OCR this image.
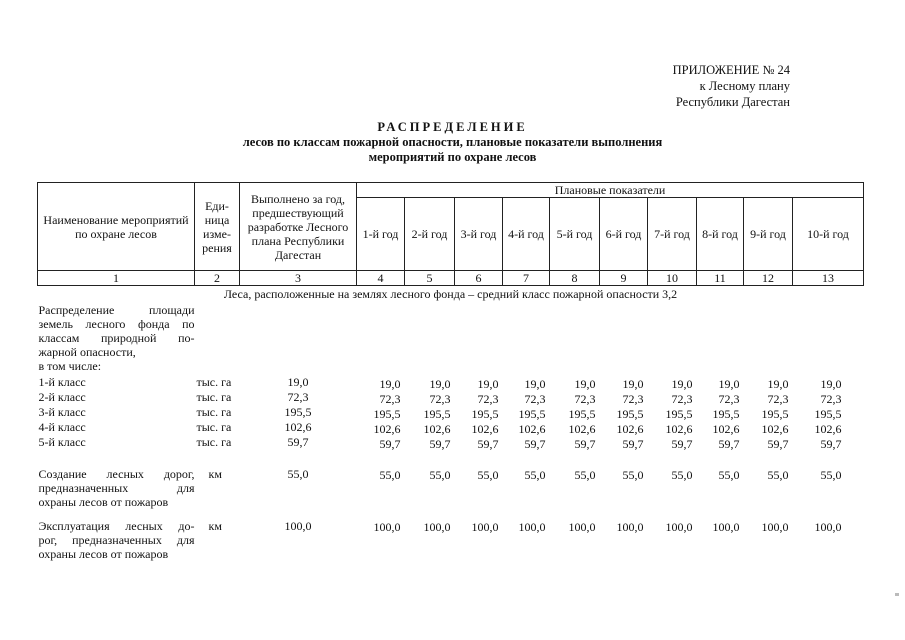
ПРИЛОЖЕНИЕ № 24
к Лесному плану
Республики Дагестан
РАСПРЕДЕЛЕНИЕ
лесов по классам пожарной опасности, плановые показатели выполнения
мероприятий по охране лесов
Наименование мероприятий по охране лесов	Еди-ница изме-рения	Выполнено за год, предшествующий разработке Лесного плана Республики Дагестан	Плановые показатели									
			1-й год	2-й год	3-й год	4-й год	5-й год	6-й год	7-й год	8-й год	9-й год	10-й год
1	2	3	4	5	6	7	8	9	10	11	12	13
Леса, расположенные на землях лесного фонда – средний класс пожарной опасности 3,2												

Распределение площади
земель лесного фонда по
классам природной по-
жарной опасности,
в том числе:												

1-й класс	тыс. га	19,0	19,0	19,0	19,0	19,0	19,0	19,0	19,0	19,0	19,0	19,0
2-й класс	тыс. га	72,3	72,3	72,3	72,3	72,3	72,3	72,3	72,3	72,3	72,3	72,3
3-й класс	тыс. га	195,5	195,5	195,5	195,5	195,5	195,5	195,5	195,5	195,5	195,5	195,5
4-й класс	тыс. га	102,6	102,6	102,6	102,6	102,6	102,6	102,6	102,6	102,6	102,6	102,6
5-й класс	тыс. га	59,7	59,7	59,7	59,7	59,7	59,7	59,7	59,7	59,7	59,7	59,7

Создание лесных дорог,
предназначенных для
охраны лесов от пожаров	км	55,0	55,0	55,0	55,0	55,0	55,0	55,0	55,0	55,0	55,0	55,0

Эксплуатация лесных до-
рог, предназначенных для
охраны лесов от пожаров	км	100,0	100,0	100,0	100,0	100,0	100,0	100,0	100,0	100,0	100,0	100,0
